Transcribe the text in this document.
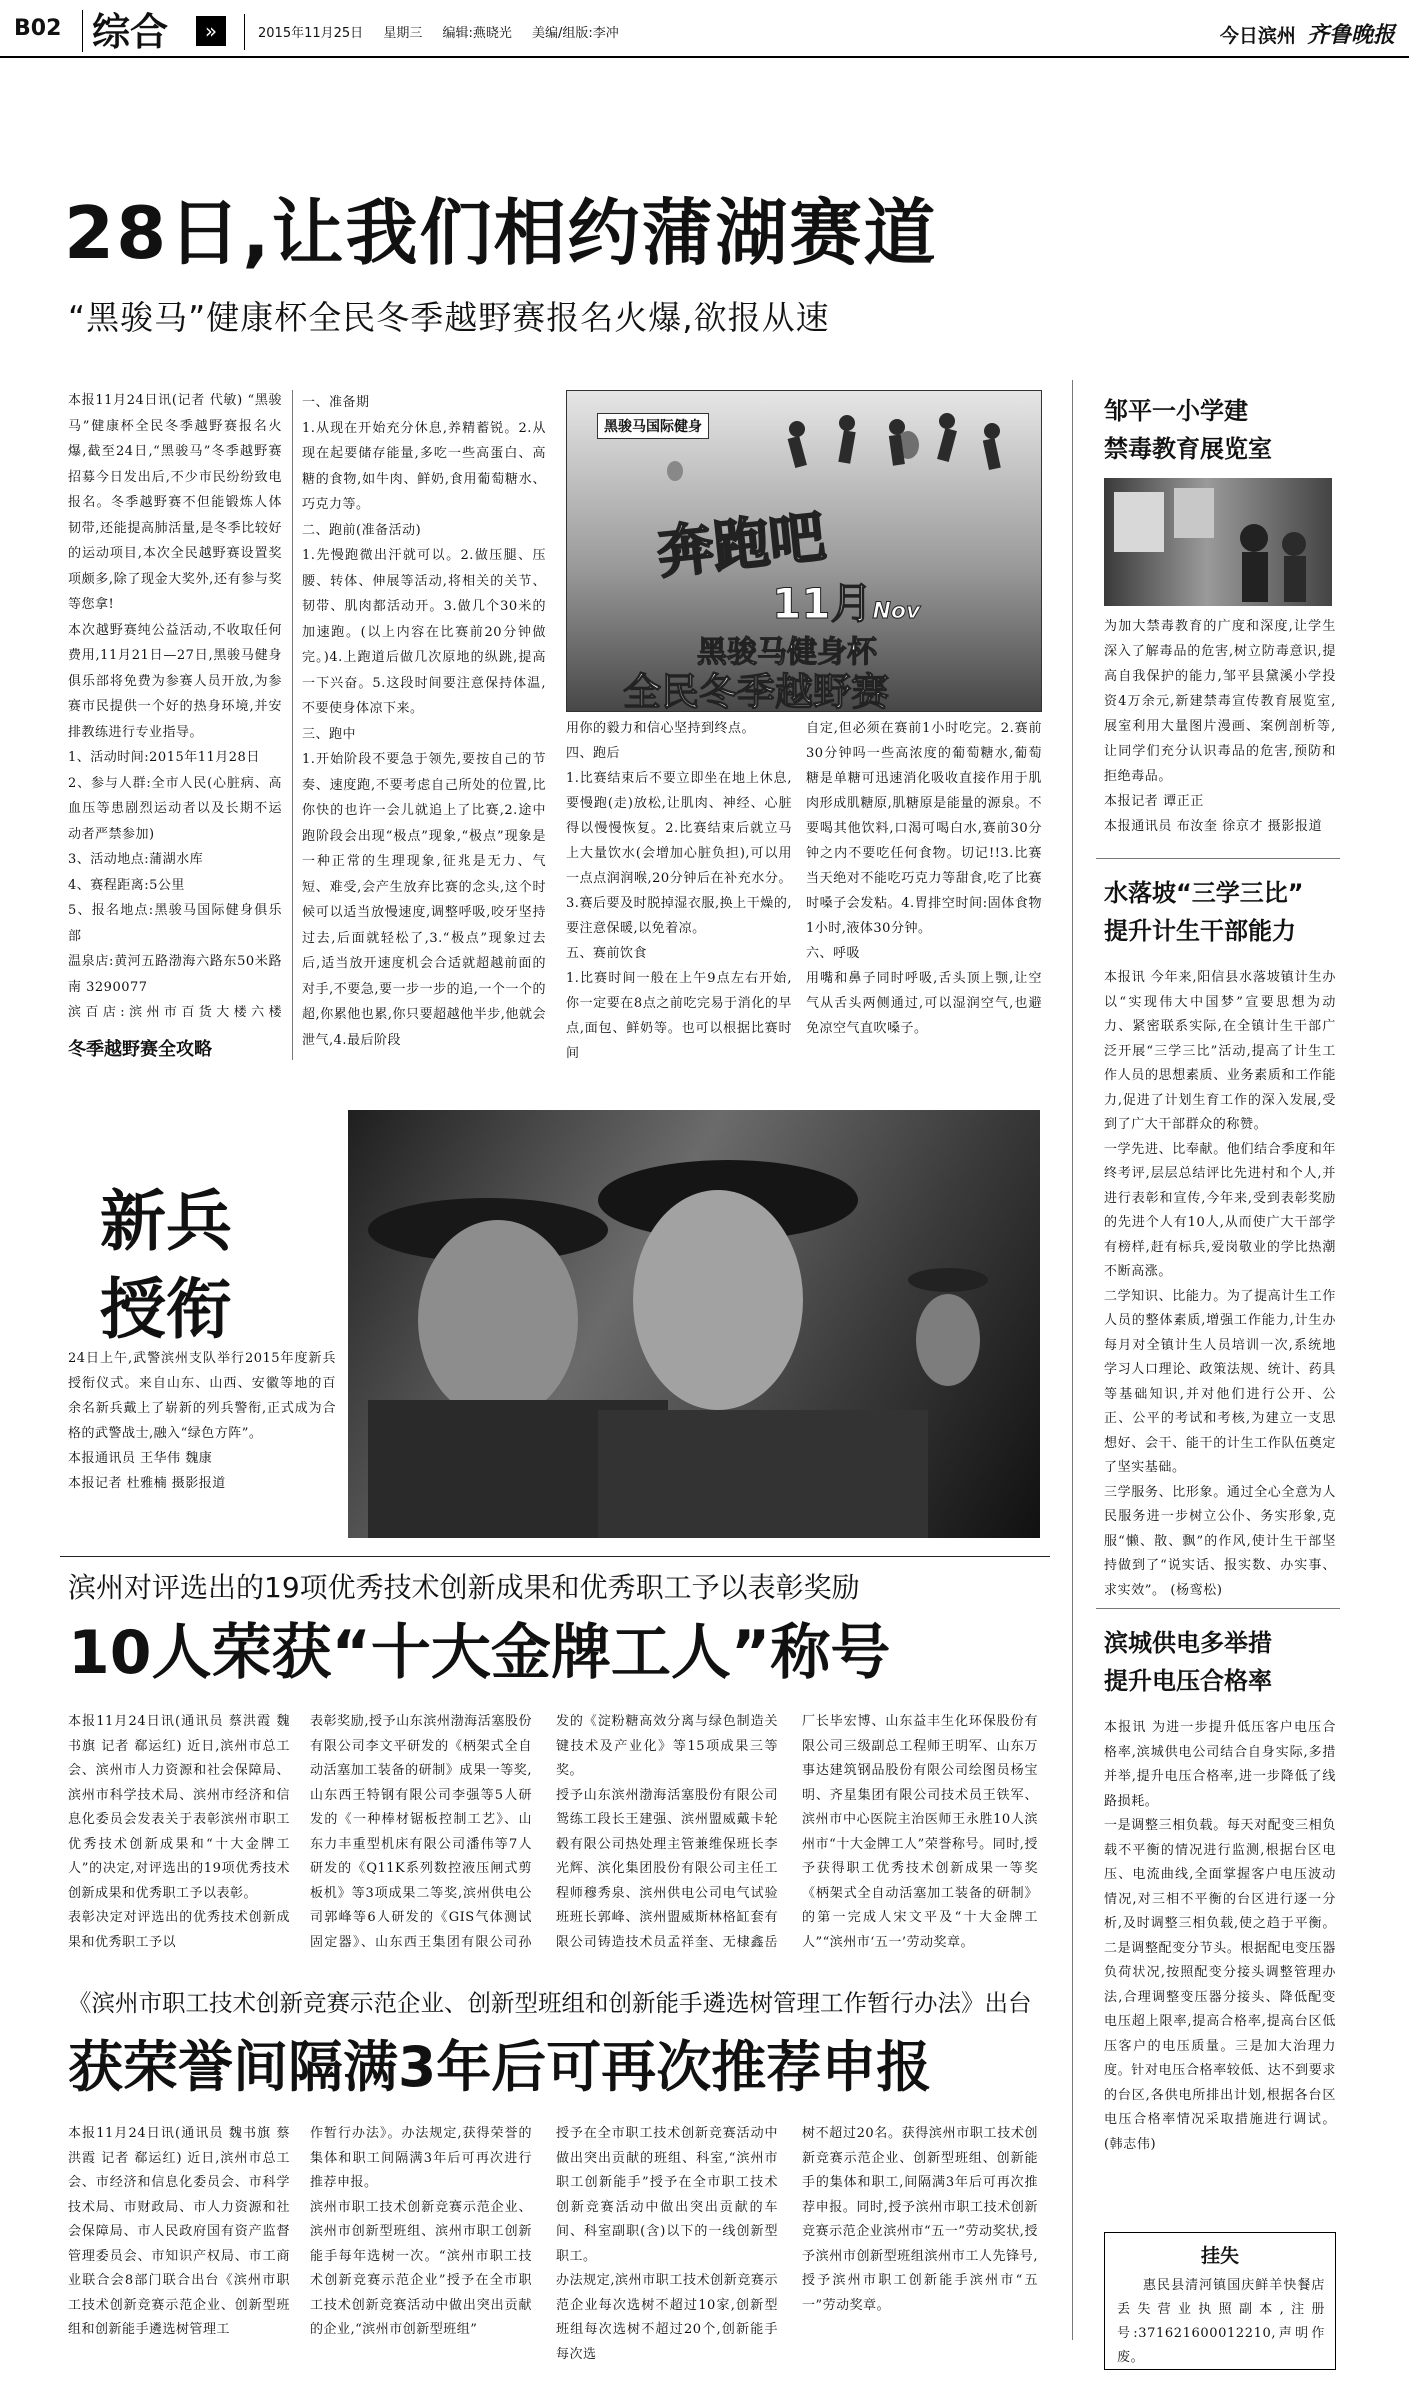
B02 综合	»	2015年11月25日 星期三 编辑:燕晓光 美编/组版:李冲	今日滨州 齐鲁晚报
28日,让我们相约蒲湖赛道
“黑骏马”健康杯全民冬季越野赛报名火爆,欲报从速
本报11月24日讯(记者 代敏) “黑骏马”健康杯全民冬季越野赛报名火爆,截至24日,“黑骏马”冬季越野赛招募今日发出后,不少市民纷纷致电报名。冬季越野赛不但能锻炼人体韧带,还能提高肺活量,是冬季比较好的运动项目,本次全民越野赛设置奖项颇多,除了现金大奖外,还有参与奖等您拿!
本次越野赛纯公益活动,不收取任何费用,11月21日—27日,黑骏马健身俱乐部将免费为参赛人员开放,为参赛市民提供一个好的热身环境,并安排教练进行专业指导。
1、活动时间:2015年11月28日
2、参与人群:全市人民(心脏病、高血压等患剧烈运动者以及长期不运动者严禁参加)
3、活动地点:蒲湖水库
4、赛程距离:5公里
5、报名地点:黑骏马国际健身俱乐部
温泉店:黄河五路渤海六路东50米路南 3290077
滨百店:滨州市百货大楼六楼

冬季越野赛全攻略
一、准备期
1.从现在开始充分休息,养精蓄锐。2.从现在起要储存能量,多吃一些高蛋白、高糖的食物,如牛肉、鲜奶,食用葡萄糖水、巧克力等。
二、跑前(准备活动)
1.先慢跑微出汗就可以。2.做压腿、压腰、转体、伸展等活动,将相关的关节、韧带、肌肉都活动开。3.做几个30米的加速跑。(以上内容在比赛前20分钟做完。)4.上跑道后做几次原地的纵跳,提高一下兴奋。5.这段时间要注意保持体温,不要使身体凉下来。
三、跑中
1.开始阶段不要急于领先,要按自己的节奏、速度跑,不要考虑自己所处的位置,比你快的也许一会儿就追上了比赛,2.途中跑阶段会出现“极点”现象,“极点”现象是一种正常的生理现象,征兆是无力、气短、难受,会产生放弃比赛的念头,这个时候可以适当放慢速度,调整呼吸,咬牙坚持过去,后面就轻松了,3.“极点”现象过去后,适当放开速度机会合适就超越前面的对手,不要急,要一步一步的追,一个一个的超,你累他也累,你只要超越他半步,他就会泄气,4.最后阶段
黑骏马国际健身
奔跑吧
11月Nov
黑骏马健身杯
全民冬季越野赛
用你的毅力和信心坚持到终点。
四、跑后
1.比赛结束后不要立即坐在地上休息,要慢跑(走)放松,让肌肉、神经、心脏得以慢慢恢复。2.比赛结束后就立马上大量饮水(会增加心脏负担),可以用一点点润润喉,20分钟后在补充水分。3.赛后要及时脱掉湿衣服,换上干燥的,要注意保暖,以免着凉。
五、赛前饮食
1.比赛时间一般在上午9点左右开始,你一定要在8点之前吃完易于消化的早点,面包、鲜奶等。也可以根据比赛时间
自定,但必须在赛前1小时吃完。2.赛前30分钟吗一些高浓度的葡萄糖水,葡萄糖是单糖可迅速消化吸收直接作用于肌肉形成肌糖原,肌糖原是能量的源泉。不要喝其他饮料,口渴可喝白水,赛前30分钟之内不要吃任何食物。切记!!3.比赛当天绝对不能吃巧克力等甜食,吃了比赛时嗓子会发粘。4.胃排空时间:固体食物1小时,液体30分钟。
六、呼吸
用嘴和鼻子同时呼吸,舌头顶上颚,让空气从舌头两侧通过,可以湿润空气,也避免凉空气直吹嗓子。
新兵
授衔
24日上午,武警滨州支队举行2015年度新兵授衔仪式。来自山东、山西、安徽等地的百余名新兵戴上了崭新的列兵警衔,正式成为合格的武警战士,融入“绿色方阵”。
本报通讯员 王华伟 魏康
本报记者 杜雅楠 摄影报道
滨州对评选出的19项优秀技术创新成果和优秀职工予以表彰奖励
10人荣获“十大金牌工人”称号
本报11月24日讯(通讯员 蔡洪霞 魏书旗 记者 郗运红) 近日,滨州市总工会、滨州市人力资源和社会保障局、滨州市科学技术局、滨州市经济和信息化委员会发表关于表彰滨州市职工优秀技术创新成果和“十大金牌工人”的决定,对评选出的19项优秀技术创新成果和优秀职工予以表彰。
表彰决定对评选出的优秀技术创新成果和优秀职工予以
表彰奖励,授予山东滨州渤海活塞股份有限公司李文平研发的《柄架式全自动活塞加工装备的研制》成果一等奖,山东西王特钢有限公司李强等5人研发的《一种棒材锯板控制工艺》、山东力丰重型机床有限公司潘伟等7人研发的《Q11K系列数控液压闸式剪板机》等3项成果二等奖,滨州供电公司郭峰等6人研发的《GIS气体测试固定器》、山东西王集团有限公司孙
发的《淀粉糖高效分离与绿色制造关键技术及产业化》等15项成果三等奖。
授予山东滨州渤海活塞股份有限公司鸳练工段长王建强、滨州盟威戴卡轮毂有限公司热处理主管兼维保班长李光辉、滨化集团股份有限公司主任工程师穆秀泉、滨州供电公司电气试验班班长郭峰、滨州盟威斯林格缸套有限公司铸造技术员孟祥奎、无棣鑫岳
厂长毕宏博、山东益丰生化环保股份有限公司三级副总工程师王明军、山东万事达建筑钢品股份有限公司绘图员杨宝明、齐星集团有限公司技术员王铁军、滨州市中心医院主治医师王永胜10人滨州市“十大金牌工人”荣誉称号。同时,授予获得职工优秀技术创新成果一等奖《柄架式全自动活塞加工装备的研制》的第一完成人宋文平及“十大金牌工人”“滨州市‘五一’劳动奖章。
《滨州市职工技术创新竞赛示范企业、创新型班组和创新能手遴选树管理工作暂行办法》出台
获荣誉间隔满3年后可再次推荐申报
本报11月24日讯(通讯员 魏书旗 蔡洪霞 记者 郗运红) 近日,滨州市总工会、市经济和信息化委员会、市科学技术局、市财政局、市人力资源和社会保障局、市人民政府国有资产监督管理委员会、市知识产权局、市工商业联合会8部门联合出台《滨州市职工技术创新竞赛示范企业、创新型班组和创新能手遴选树管理工
作暂行办法》。办法规定,获得荣誉的集体和职工间隔满3年后可再次进行推荐申报。
滨州市职工技术创新竞赛示范企业、滨州市创新型班组、滨州市职工创新能手每年选树一次。“滨州市职工技术创新竞赛示范企业”授予在全市职工技术创新竞赛活动中做出突出贡献的企业,“滨州市创新型班组”
授予在全市职工技术创新竞赛活动中做出突出贡献的班组、科室,“滨州市职工创新能手”授予在全市职工技术创新竞赛活动中做出突出贡献的车间、科室副职(含)以下的一线创新型职工。
办法规定,滨州市职工技术创新竞赛示范企业每次选树不超过10家,创新型班组每次选树不超过20个,创新能手每次选
树不超过20名。获得滨州市职工技术创新竞赛示范企业、创新型班组、创新能手的集体和职工,间隔满3年后可再次推荐申报。同时,授予滨州市职工技术创新竞赛示范企业滨州市“五一”劳动奖状,授予滨州市创新型班组滨州市工人先锋号,授予滨州市职工创新能手滨州市“五一”劳动奖章。
邹平一小学建
禁毒教育展览室
为加大禁毒教育的广度和深度,让学生深入了解毒品的危害,树立防毒意识,提高自我保护的能力,邹平县黛溪小学投资4万余元,新建禁毒宣传教育展览室,展室利用大量图片漫画、案例剖析等,让同学们充分认识毒品的危害,预防和拒绝毒品。
本报记者 谭正正
本报通讯员 布汝奎 徐京才 摄影报道
水落坡“三学三比”
提升计生干部能力
本报讯 今年来,阳信县水落坡镇计生办以“实现伟大中国梦”宣要思想为动力、紧密联系实际,在全镇计生干部广泛开展“三学三比”活动,提高了计生工作人员的思想素质、业务素质和工作能力,促进了计划生育工作的深入发展,受到了广大干部群众的称赞。
一学先进、比奉献。他们结合季度和年终考评,层层总结评比先进村和个人,并进行表彰和宣传,今年来,受到表彰奖励的先进个人有10人,从而使广大干部学有榜样,赶有标兵,爱岗敬业的学比热潮不断高涨。
二学知识、比能力。为了提高计生工作人员的整体素质,增强工作能力,计生办每月对全镇计生人员培训一次,系统地学习人口理论、政策法规、统计、药具等基础知识,并对他们进行公开、公正、公平的考试和考核,为建立一支思想好、会干、能干的计生工作队伍奠定了坚实基础。
三学服务、比形象。通过全心全意为人民服务进一步树立公仆、务实形象,克服“懒、散、飘”的作风,使计生干部坚持做到了“说实话、报实数、办实事、求实效”。 (杨鸾松)
滨城供电多举措
提升电压合格率
本报讯 为进一步提升低压客户电压合格率,滨城供电公司结合自身实际,多措并举,提升电压合格率,进一步降低了线路损耗。
一是调整三相负载。每天对配变三相负载不平衡的情况进行监测,根据台区电压、电流曲线,全面掌握客户电压波动情况,对三相不平衡的台区进行逐一分析,及时调整三相负载,使之趋于平衡。二是调整配变分节头。根据配电变压器负荷状况,按照配变分接头调整管理办法,合理调整变压器分接头、降低配变电压超上限率,提高合格率,提高台区低压客户的电压质量。三是加大治理力度。针对电压合格率较低、达不到要求的台区,各供电所排出计划,根据各台区电压合格率情况采取措施进行调试。 (韩志伟)
挂失
惠民县清河镇国庆鲜羊快餐店丢失营业执照副本,注册号:371621600012210,声明作废。
